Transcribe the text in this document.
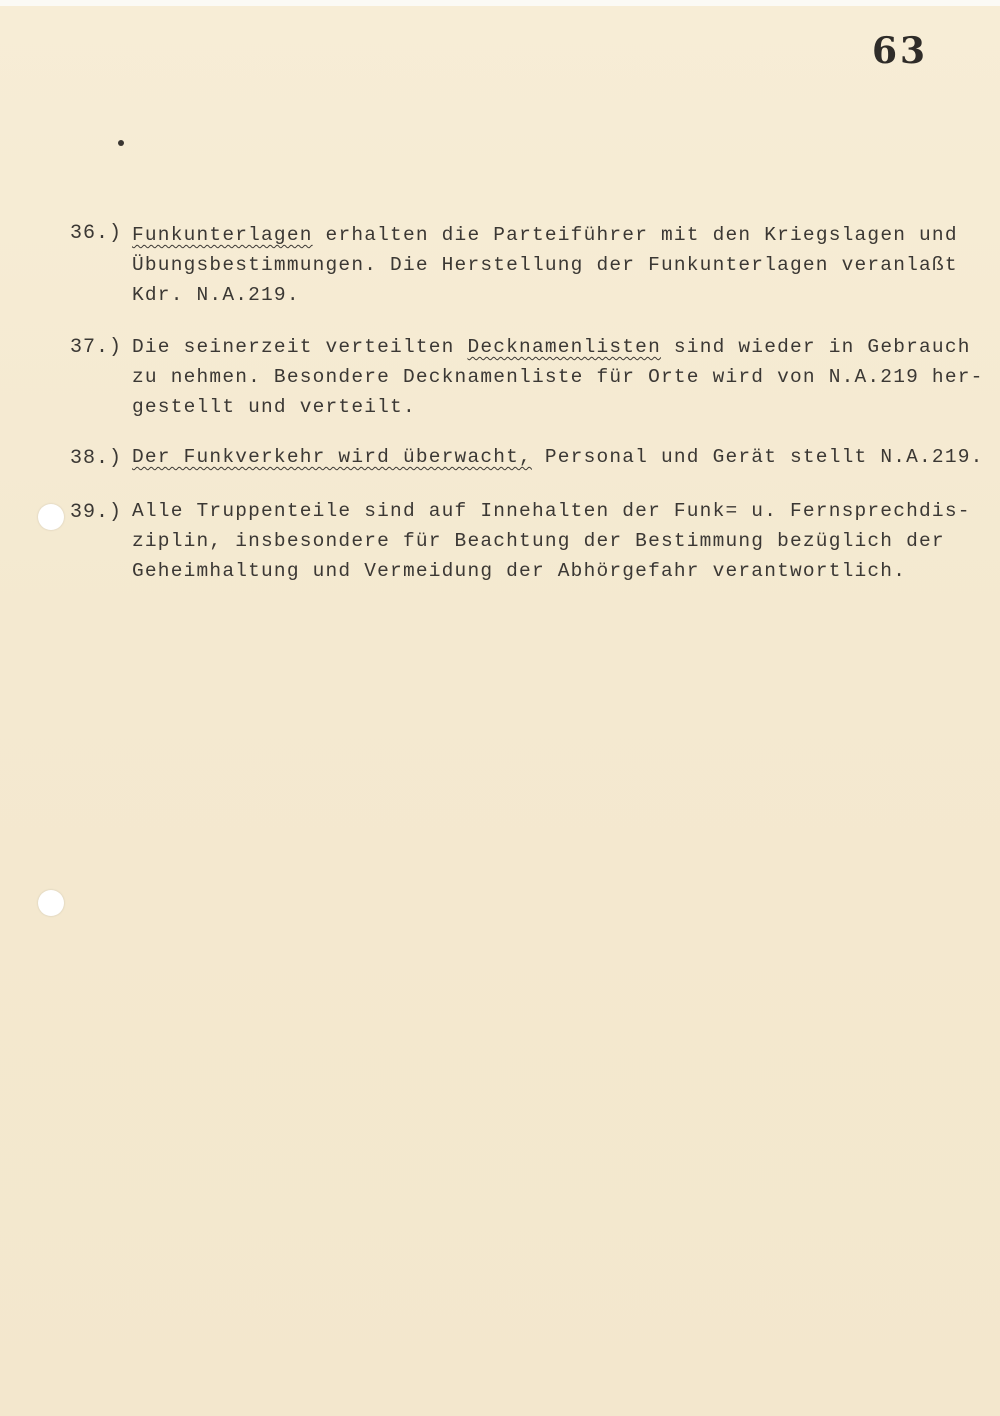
63
36.) Funkunterlagen erhalten die Parteiführer mit den Kriegslagen und
Übungsbestimmungen. Die Herstellung der Funkunterlagen veranlaßt
Kdr. N.A.219.
37.) Die seinerzeit verteilten Decknamenlisten sind wieder in Gebrauch
zu nehmen. Besondere Decknamenliste für Orte wird von N.A.219 her-
gestellt und verteilt.
38.) Der Funkverkehr wird überwacht, Personal und Gerät stellt N.A.219.
39.) Alle Truppenteile sind auf Innehalten der Funk= u. Fernsprechdis-
ziplin, insbesondere für Beachtung der Bestimmung bezüglich der
Geheimhaltung und Vermeidung der Abhörgefahr verantwortlich.
